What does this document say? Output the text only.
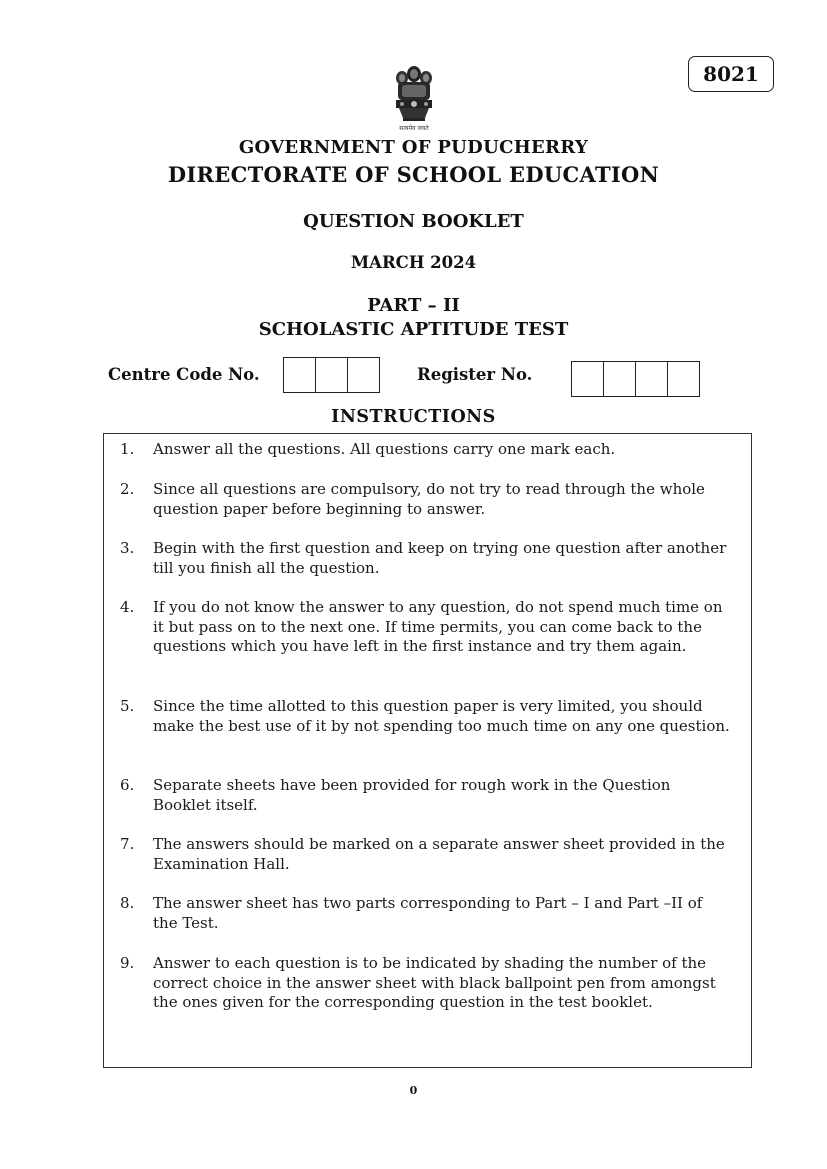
8021
सत्यमेव जयते
GOVERNMENT OF PUDUCHERRY
DIRECTORATE OF SCHOOL EDUCATION
QUESTION BOOKLET
MARCH 2024
PART – II
SCHOLASTIC APTITUDE TEST
Centre Code No.	Register No.
INSTRUCTIONS
1.	Answer all the questions. All questions carry one mark each.
2.	Since all questions are compulsory, do not try to read through the whole question paper before beginning to answer.
3.	Begin with the first question and keep on trying one question after another till you finish all the question.
4.	If you do not know the answer to any question, do not spend much time on it but pass on to the next one. If time permits, you can come back to the questions which you have left in the first instance and try them again.
5.	Since the time allotted to this question paper is very limited, you should make the best use of it by not spending too much time on any one question.
6.	Separate sheets have been provided for rough work in the Question Booklet itself.
7.	The answers should be marked on a separate answer sheet provided in the Examination Hall.
8.	The answer sheet has two parts corresponding to Part – I and Part –II of the Test.
9.	Answer to each question is to be indicated by shading the number of the correct choice in the answer sheet with black ballpoint pen from amongst the ones given for the corresponding question in the test booklet.
0
